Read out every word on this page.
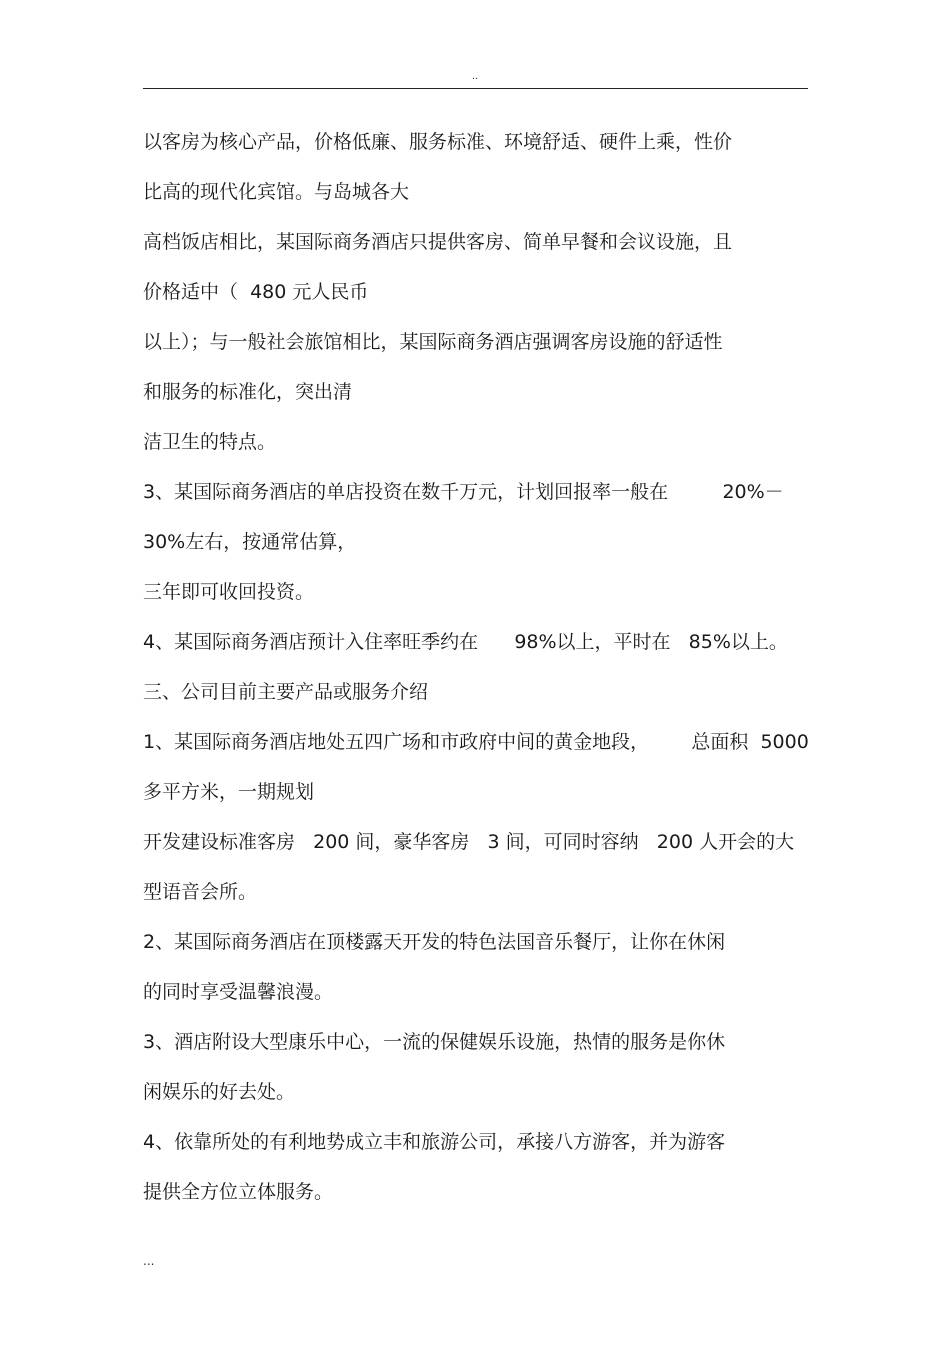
..
以客房为核心产品，价格低廉、服务标准、环境舒适、硬件上乘，性价
比高的现代化宾馆。与岛城各大
高档饭店相比，某国际商务酒店只提供客房、简单早餐和会议设施，且
价格适中（  480 元人民币
以上）；与一般社会旅馆相比，某国际商务酒店强调客房设施的舒适性
和服务的标准化，突出清
洁卫生的特点。
3、某国际商务酒店的单店投资在数千万元，计划回报率一般在         20%－
30%左右，按通常估算，
三年即可收回投资。
4、某国际商务酒店预计入住率旺季约在      98%以上，平时在   85%以上。
三、公司目前主要产品或服务介绍
1、某国际商务酒店地处五四广场和市政府中间的黄金地段，       总面积  5000
多平方米，一期规划
开发建设标准客房   200 间，豪华客房   3 间，可同时容纳   200 人开会的大
型语音会所。
2、某国际商务酒店在顶楼露天开发的特色法国音乐餐厅，让你在休闲
的同时享受温馨浪漫。
3、酒店附设大型康乐中心，一流的保健娱乐设施，热情的服务是你休
闲娱乐的好去处。
4、依靠所处的有利地势成立丰和旅游公司，承接八方游客，并为游客
提供全方位立体服务。
...
